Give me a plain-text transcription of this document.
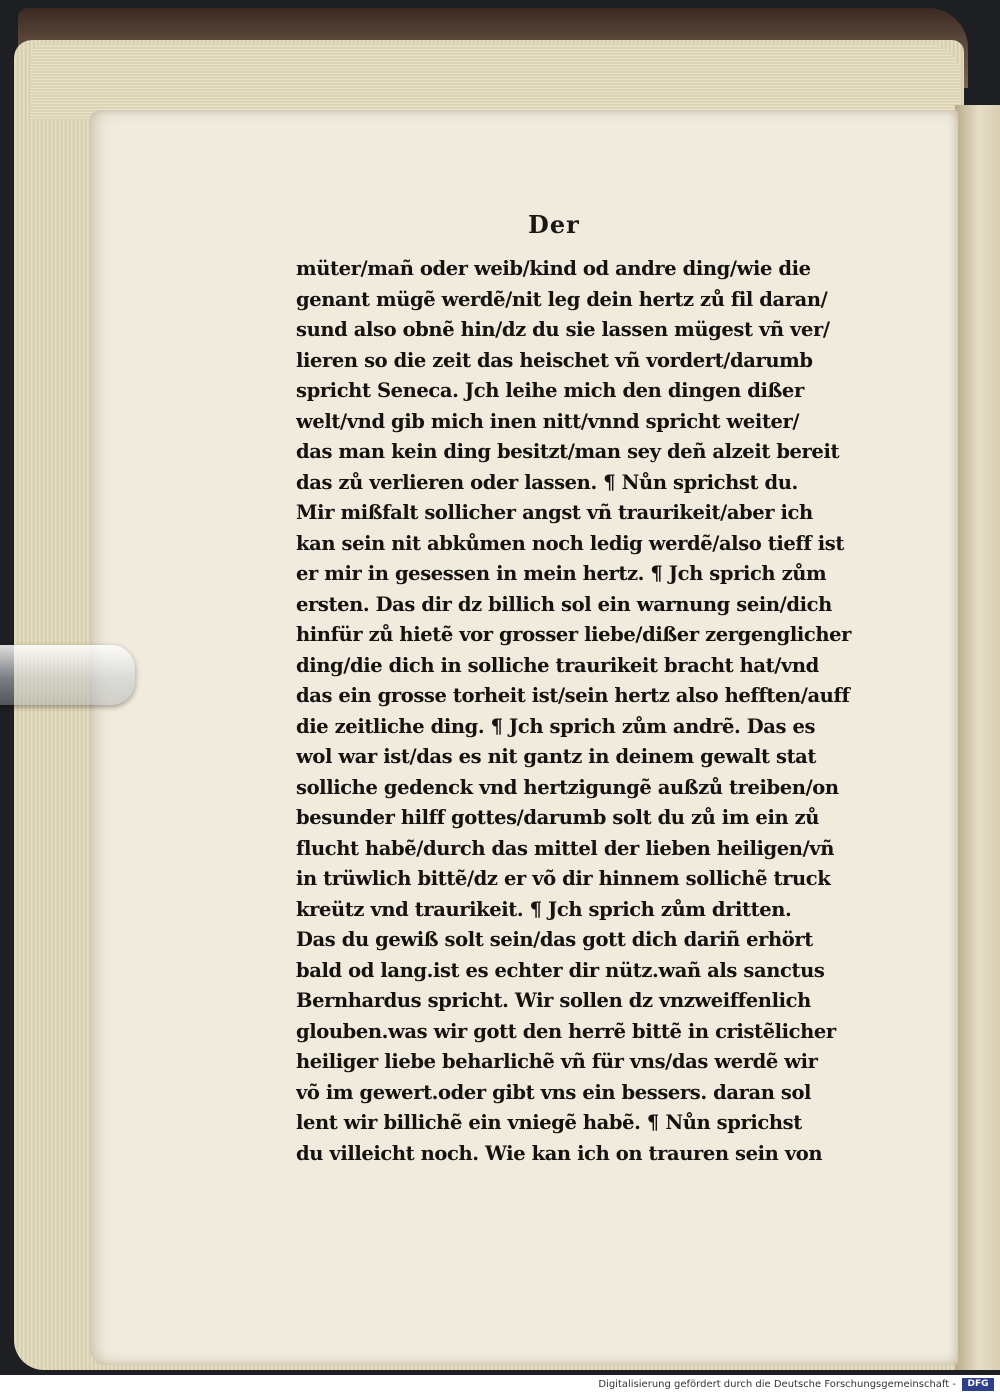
Der
müter/mañ oder weib/kind od andre ding/wie die
genant mügẽ werdẽ/nit leg dein hertz zů fil daran/
sund also obnẽ hin/dz du sie lassen mügest vñ ver/
lieren so die zeit das heischet vñ vordert/darumb
spricht Seneca. Jch leihe mich den dingen dißer
welt/vnd gib mich inen nitt/vnnd spricht weiter/
das man kein ding besitzt/man sey deñ alzeit bereit
das zů verlieren oder lassen. ¶ Nůn sprichst du.
Mir mißfalt sollicher angst vñ traurikeit/aber ich
kan sein nit abkůmen noch ledig werdẽ/also tieff ist
er mir in gesessen in mein hertz. ¶ Jch sprich zům
ersten. Das dir dz billich sol ein warnung sein/dich
hinfür zů hietẽ vor grosser liebe/dißer zergenglicher
ding/die dich in solliche traurikeit bracht hat/vnd
das ein grosse torheit ist/sein hertz also hefften/auff
die zeitliche ding. ¶ Jch sprich zům andrẽ. Das es
wol war ist/das es nit gantz in deinem gewalt stat
solliche gedenck vnd hertzigungẽ außzů treiben/on
besunder hilff gottes/darumb solt du zů im ein zů
flucht habẽ/durch das mittel der lieben heiligen/vñ
in trüwlich bittẽ/dz er võ dir hinnem sollichẽ truck
kreütz vnd traurikeit. ¶ Jch sprich zům dritten.
Das du gewiß solt sein/das gott dich dariñ erhört
bald od lang.ist es echter dir nütz.wañ als sanctus
Bernhardus spricht. Wir sollen dz vnzweiffenlich
glouben.was wir gott den herrẽ bittẽ in cristẽlicher
heiliger liebe beharlichẽ vñ für vns/das werdẽ wir
võ im gewert.oder gibt vns ein bessers. daran sol
lent wir billichẽ ein vniegẽ habẽ. ¶ Nůn sprichst
du villeicht noch. Wie kan ich on trauren sein von
Digitalisierung gefördert durch die Deutsche Forschungsgemeinschaft -	DFG
